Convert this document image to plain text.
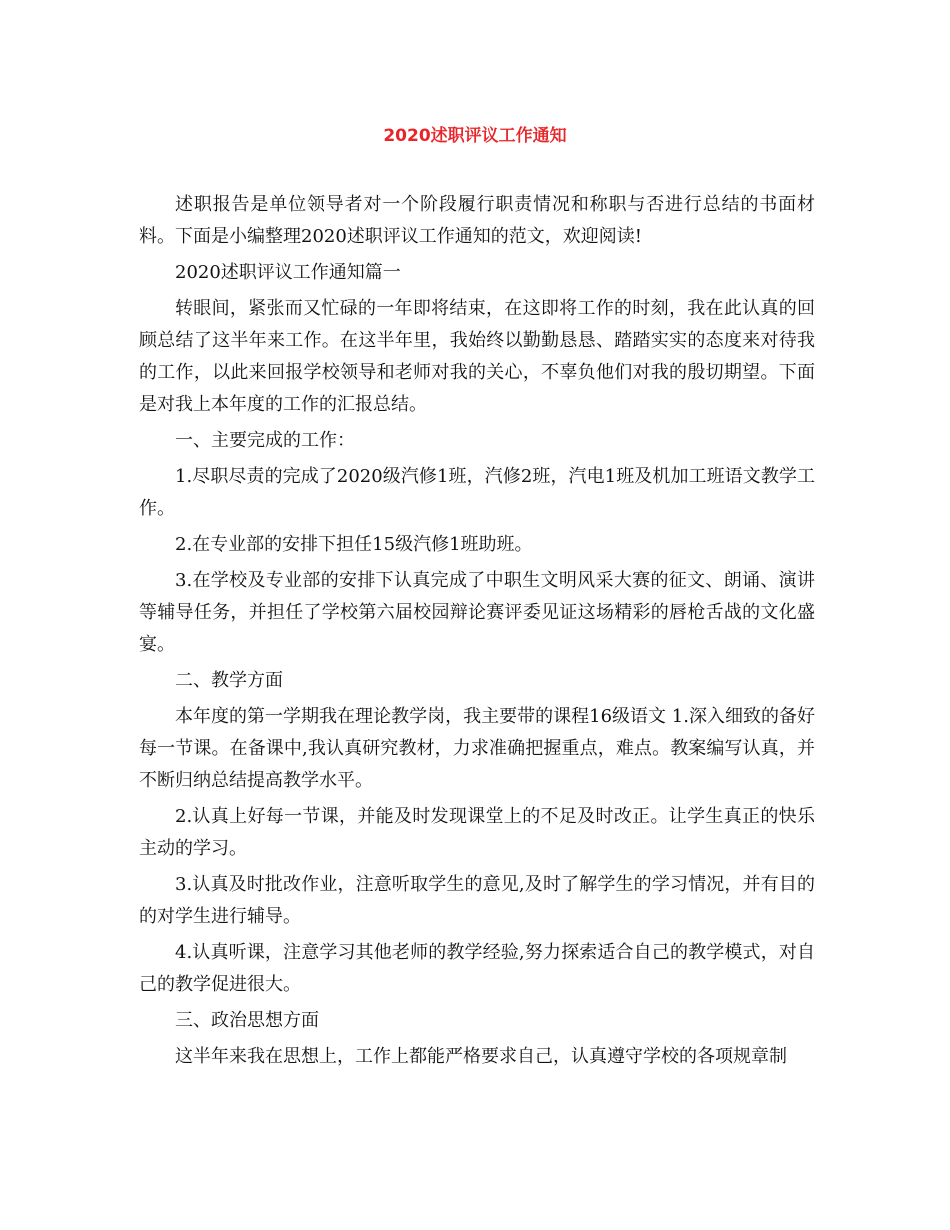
2020述职评议工作通知

述职报告是单位领导者对一个阶段履行职责情况和称职与否进行总结的书面材料。下面是小编整理2020述职评议工作通知的范文，欢迎阅读!

2020述职评议工作通知篇一

转眼间，紧张而又忙碌的一年即将结束，在这即将工作的时刻，我在此认真的回顾总结了这半年来工作。在这半年里，我始终以勤勤恳恳、踏踏实实的态度来对待我的工作，以此来回报学校领导和老师对我的关心，不辜负他们对我的殷切期望。下面是对我上本年度的工作的汇报总结。

一、主要完成的工作：

1.尽职尽责的完成了2020级汽修1班，汽修2班，汽电1班及机加工班语文教学工作。

2.在专业部的安排下担任15级汽修1班助班。

3.在学校及专业部的安排下认真完成了中职生文明风采大赛的征文、朗诵、演讲等辅导任务，并担任了学校第六届校园辩论赛评委见证这场精彩的唇枪舌战的文化盛宴。

二、教学方面

本年度的第一学期我在理论教学岗，我主要带的课程16级语文 1.深入细致的备好每一节课。在备课中,我认真研究教材，力求准确把握重点，难点。教案编写认真，并不断归纳总结提高教学水平。

2.认真上好每一节课，并能及时发现课堂上的不足及时改正。让学生真正的快乐主动的学习。

3.认真及时批改作业，注意听取学生的意见,及时了解学生的学习情况，并有目的的对学生进行辅导。

4.认真听课，注意学习其他老师的教学经验,努力探索适合自己的教学模式，对自己的教学促进很大。

三、政治思想方面

这半年来我在思想上，工作上都能严格要求自己，认真遵守学校的各项规章制
